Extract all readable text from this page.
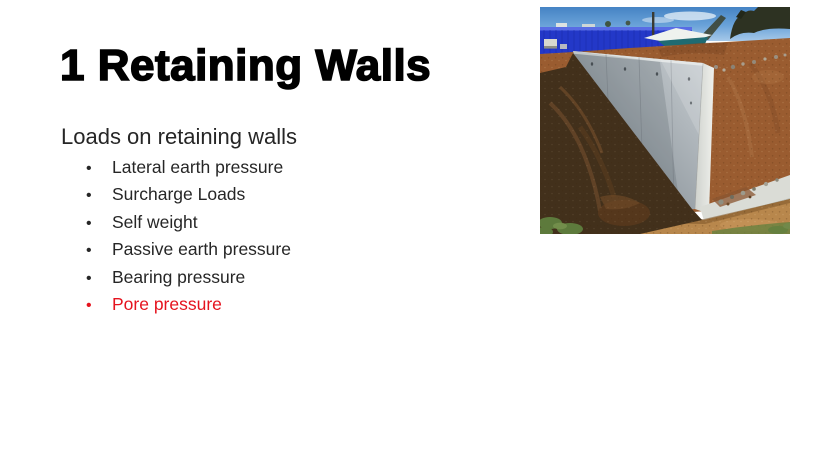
1 Retaining Walls

Loads on retaining walls

•	Lateral earth pressure
•	Surcharge Loads
•	Self weight
•	Passive earth pressure
•	Bearing pressure
•	Pore pressure
